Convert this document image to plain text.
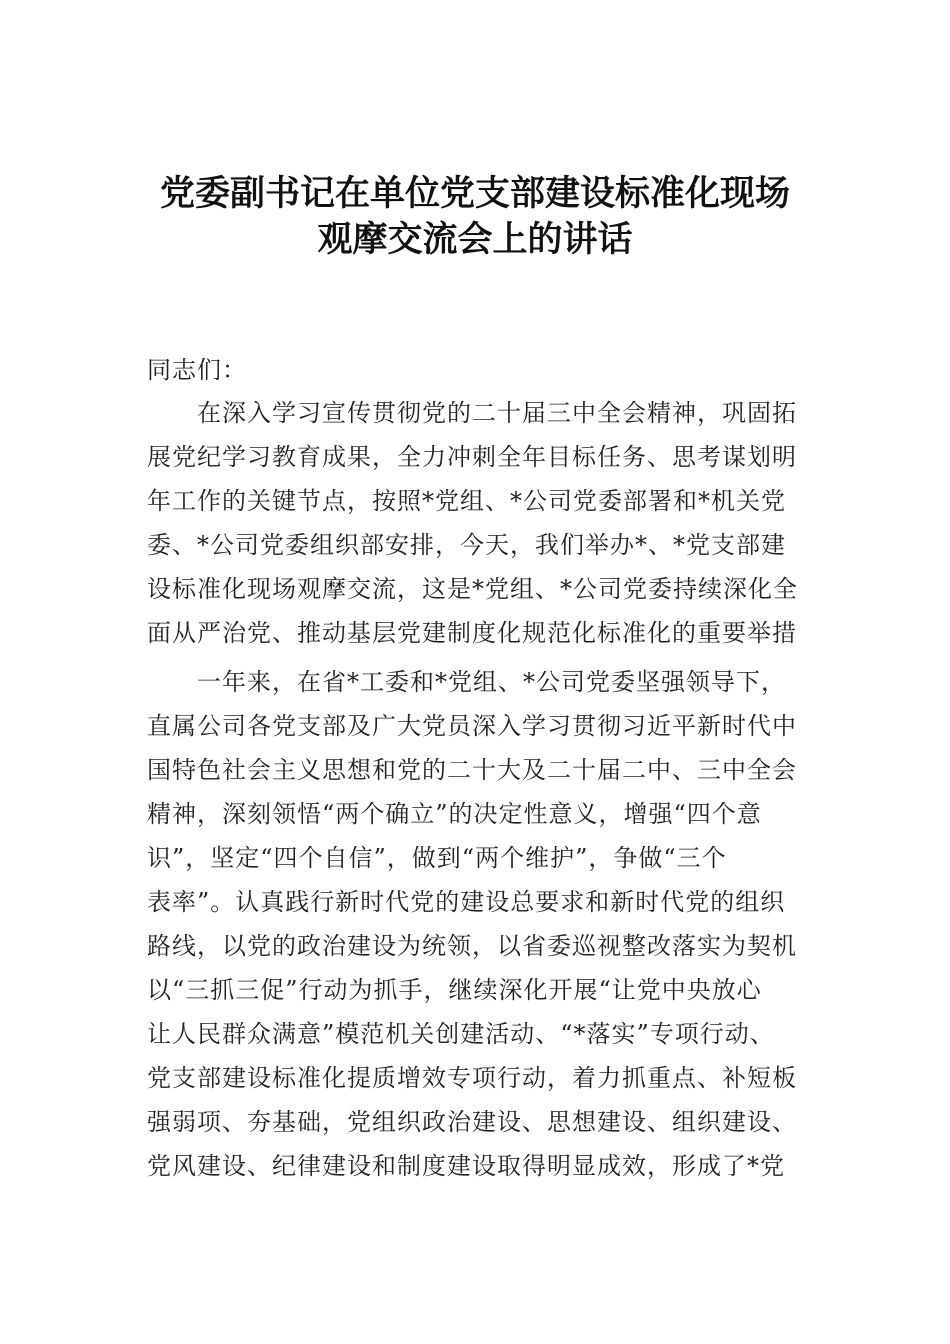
党委副书记在单位党支部建设标准化现场
观摩交流会上的讲话
同志们：
在深入学习宣传贯彻党的二十届三中全会精神，巩固拓
展党纪学习教育成果，全力冲刺全年目标任务、思考谋划明
年工作的关键节点，按照*党组、*公司党委部署和*机关党
委、*公司党委组织部安排，今天，我们举办*、*党支部建
设标准化现场观摩交流，这是*党组、*公司党委持续深化全
面从严治党、推动基层党建制度化规范化标准化的重要举措
一年来，在省*工委和*党组、*公司党委坚强领导下，
直属公司各党支部及广大党员深入学习贯彻习近平新时代中
国特色社会主义思想和党的二十大及二十届二中、三中全会
精神，深刻领悟“两个确立”的决定性意义，增强“四个意
识”，坚定“四个自信”，做到“两个维护”，争做“三个
表率”。认真践行新时代党的建设总要求和新时代党的组织
路线，以党的政治建设为统领，以省委巡视整改落实为契机
以“三抓三促”行动为抓手，继续深化开展“让党中央放心
让人民群众满意”模范机关创建活动、“*落实”专项行动、
党支部建设标准化提质增效专项行动，着力抓重点、补短板
强弱项、夯基础，党组织政治建设、思想建设、组织建设、
党风建设、纪律建设和制度建设取得明显成效，形成了*党
